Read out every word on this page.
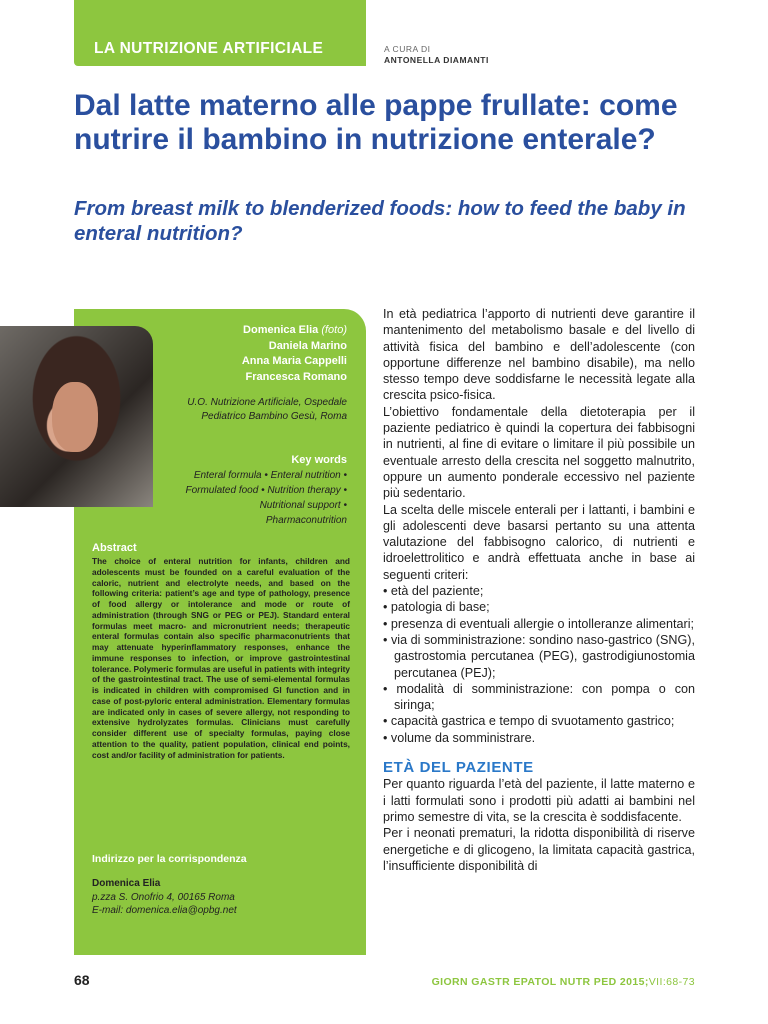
LA NUTRIZIONE ARTIFICIALE	A CURA DI
ANTONELLA DIAMANTI
Dal latte materno alle pappe frullate: come nutrire il bambino in nutrizione enterale?
From breast milk to blenderized foods: how to feed the baby in enteral nutrition?
Domenica Elia (foto)
Daniela Marino
Anna Maria Cappelli
Francesca Romano
U.O. Nutrizione Artificiale, Ospedale Pediatrico Bambino Gesù, Roma
Key words
Enteral formula • Enteral nutrition • Formulated food • Nutrition therapy • Nutritional support • Pharmaconutrition
Abstract
The choice of enteral nutrition for infants, children and adolescents must be founded on a careful evaluation of the caloric, nutrient and electrolyte needs, and based on the following criteria: patient’s age and type of pathology, presence of food allergy or intolerance and mode or route of administration (through SNG or PEG or PEJ). Standard enteral formulas meet macro- and micronutrient needs; therapeutic enteral formulas contain also specific pharmaconutrients that may attenuate hyperinflammatory responses, enhance the immune responses to infection, or improve gastrointestinal tolerance. Polymeric formulas are useful in patients with integrity of the gastrointestinal tract. The use of semi-elemental formulas is indicated in children with compromised GI function and in case of post-pyloric enteral administration. Elementary formulas are indicated only in cases of severe allergy, not responding to extensive hydrolyzates formulas. Clinicians must carefully consider different use of specialty formulas, paying close attention to the quality, patient population, clinical end points, cost and/or facility of administration for patients.
Indirizzo per la corrispondenza
Domenica Elia
p.zza S. Onofrio 4, 00165 Roma
E-mail: domenica.elia@opbg.net

In età pediatrica l’apporto di nutrienti deve garantire il mantenimento del metabolismo basale e del livello di attività fisica del bambino e dell’adolescente (con opportune differenze nel bambino disabile), ma nello stesso tempo deve soddisfarne le necessità legate alla crescita psico-fisica.

L’obiettivo fondamentale della dietoterapia per il paziente pediatrico è quindi la copertura dei fabbisogni in nutrienti, al fine di evitare o limitare il più possibile un eventuale arresto della crescita nel soggetto malnutrito, oppure un aumento ponderale eccessivo nel paziente più sedentario.

La scelta delle miscele enterali per i lattanti, i bambini e gli adolescenti deve basarsi pertanto su una attenta valutazione del fabbisogno calorico, di nutrienti e idroelettrolitico e andrà effettuata anche in base ai seguenti criteri:

• età del paziente;
• patologia di base;
• presenza di eventuali allergie o intolleranze alimentari;
• via di somministrazione: sondino naso-gastrico (SNG), gastrostomia percutanea (PEG), gastrodigiunostomia percutanea (PEJ);
• modalità di somministrazione: con pompa o con siringa;
• capacità gastrica e tempo di svuotamento gastrico;
• volume da somministrare.

ETÀ DEL PAZIENTE

Per quanto riguarda l’età del paziente, il latte materno e i latti formulati sono i prodotti più adatti ai bambini nel primo semestre di vita, se la crescita è soddisfacente.

Per i neonati prematuri, la ridotta disponibilità di riserve energetiche e di glicogeno, la limitata capacità gastrica, l’insufficiente disponibilità di

68	GIORN GASTR EPATOL NUTR PED 2015;VII:68-73
